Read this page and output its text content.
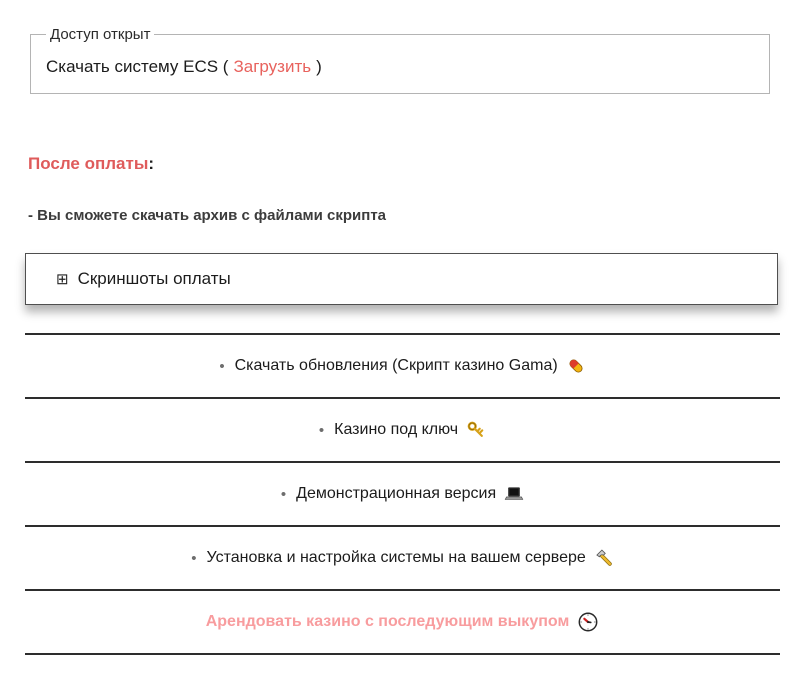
Доступ открыт
Скачать систему ECS ( Загрузить )
После оплаты:
- Вы сможете скачать архив с файлами скрипта
⊞ Скриншоты оплаты
• Скачать обновления (Скрипт казино Gama)
• Казино под ключ
• Демонстрационная версия
• Установка и настройка системы на вашем сервере
Арендовать казино с последующим выкупом
